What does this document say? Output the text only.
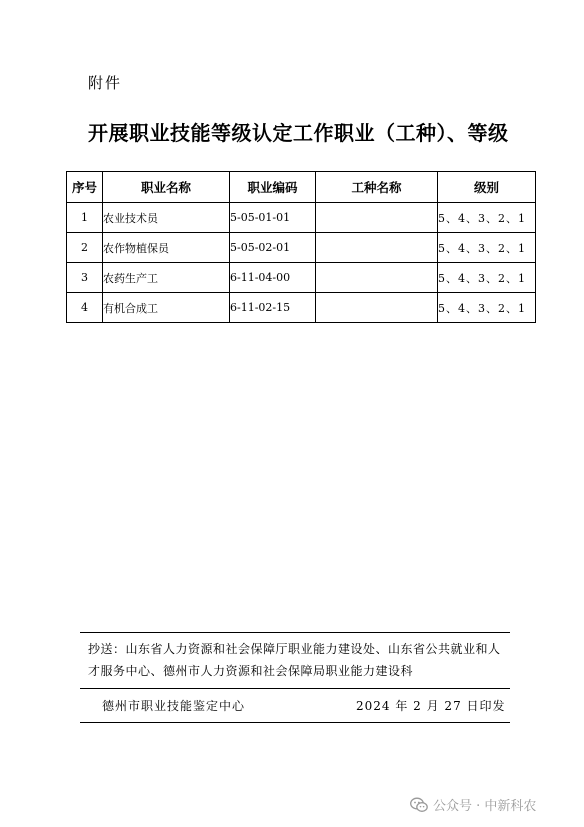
附件
开展职业技能等级认定工作职业（工种）、等级
序号	职业名称	职业编码	工种名称	级别
1	农业技术员	5-05-01-01		5、4、3、2、1
2	农作物植保员	5-05-02-01		5、4、3、2、1
3	农药生产工	6-11-04-00		5、4、3、2、1
4	有机合成工	6-11-02-15		5、4、3、2、1
抄送：山东省人力资源和社会保障厅职业能力建设处、山东省公共就业和人
才服务中心、德州市人力资源和社会保障局职业能力建设科
德州市职业技能鉴定中心	2024 年 2 月 27 日印发
公众号 · 中新科农
